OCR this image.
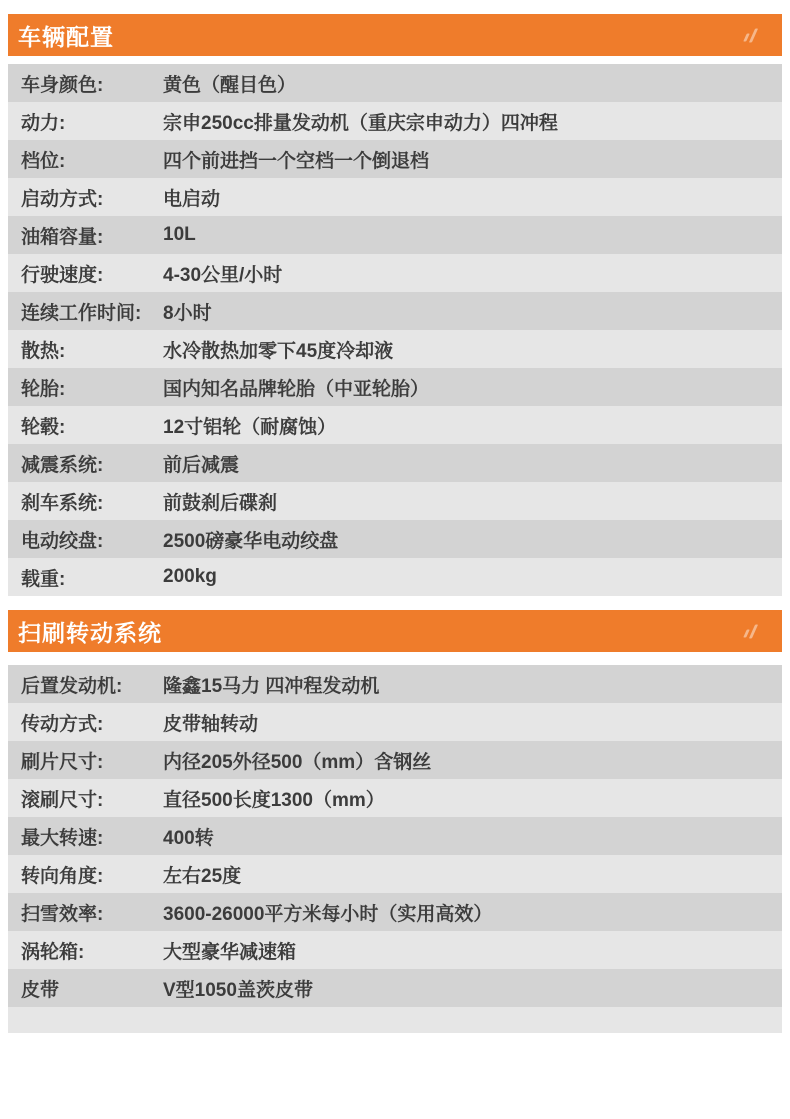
车辆配置
车身颜色:	黄色（醒目色）
动力:	宗申250cc排量发动机（重庆宗申动力）四冲程
档位:	四个前进挡一个空档一个倒退档
启动方式:	电启动
油箱容量:	10L
行驶速度:	4-30公里/小时
连续工作时间:	8小时
散热:	水冷散热加零下45度冷却液
轮胎:	国内知名品牌轮胎（中亚轮胎）
轮毂:	12寸铝轮（耐腐蚀）
减震系统:	前后减震
刹车系统:	前鼓刹后碟刹
电动绞盘:	2500磅豪华电动绞盘
载重:	200kg
扫刷转动系统
后置发动机:	隆鑫15马力 四冲程发动机
传动方式:	皮带轴转动
刷片尺寸:	内径205外径500（mm）含钢丝
滚刷尺寸:	直径500长度1300（mm）
最大转速:	400转
转向角度:	左右25度
扫雪效率:	3600-26000平方米每小时（实用高效）
涡轮箱:	大型豪华减速箱
皮带	V型1050盖茨皮带
